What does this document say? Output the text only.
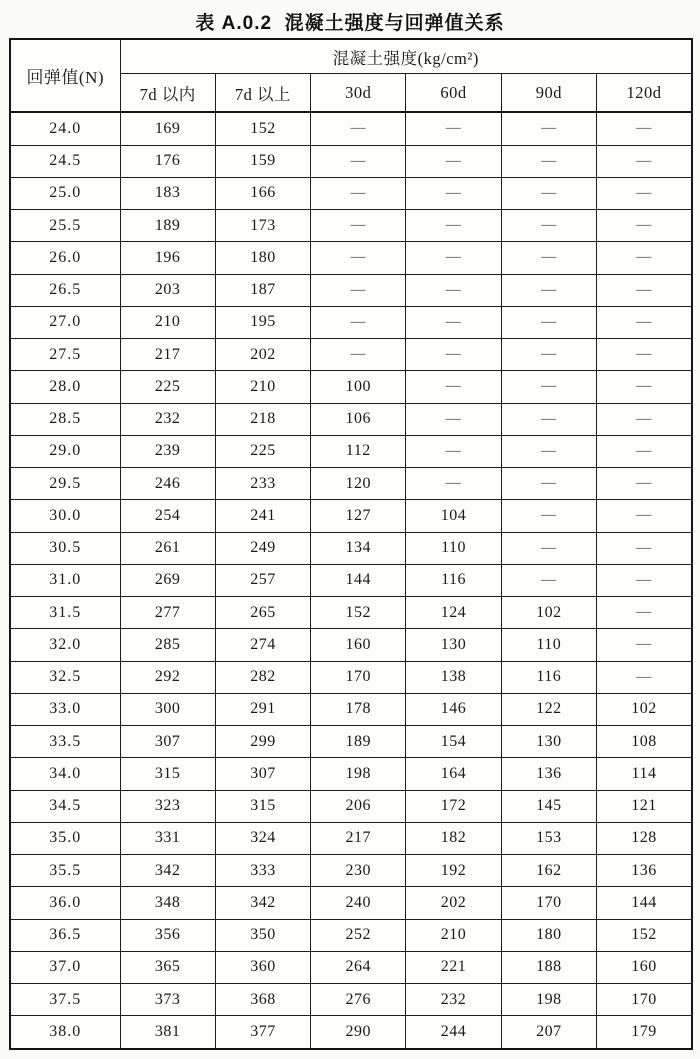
表 A.0.2  混凝土强度与回弹值关系
回弹值(N)	混凝土强度(kg/cm²)					
	7d 以内	7d 以上	30d	60d	90d	120d
24.0	169	152	—	—	—	—
24.5	176	159	—	—	—	—
25.0	183	166	—	—	—	—
25.5	189	173	—	—	—	—
26.0	196	180	—	—	—	—
26.5	203	187	—	—	—	—
27.0	210	195	—	—	—	—
27.5	217	202	—	—	—	—
28.0	225	210	100	—	—	—
28.5	232	218	106	—	—	—
29.0	239	225	112	—	—	—
29.5	246	233	120	—	—	—
30.0	254	241	127	104	—	—
30.5	261	249	134	110	—	—
31.0	269	257	144	116	—	—
31.5	277	265	152	124	102	—
32.0	285	274	160	130	110	—
32.5	292	282	170	138	116	—
33.0	300	291	178	146	122	102
33.5	307	299	189	154	130	108
34.0	315	307	198	164	136	114
34.5	323	315	206	172	145	121
35.0	331	324	217	182	153	128
35.5	342	333	230	192	162	136
36.0	348	342	240	202	170	144
36.5	356	350	252	210	180	152
37.0	365	360	264	221	188	160
37.5	373	368	276	232	198	170
38.0	381	377	290	244	207	179
